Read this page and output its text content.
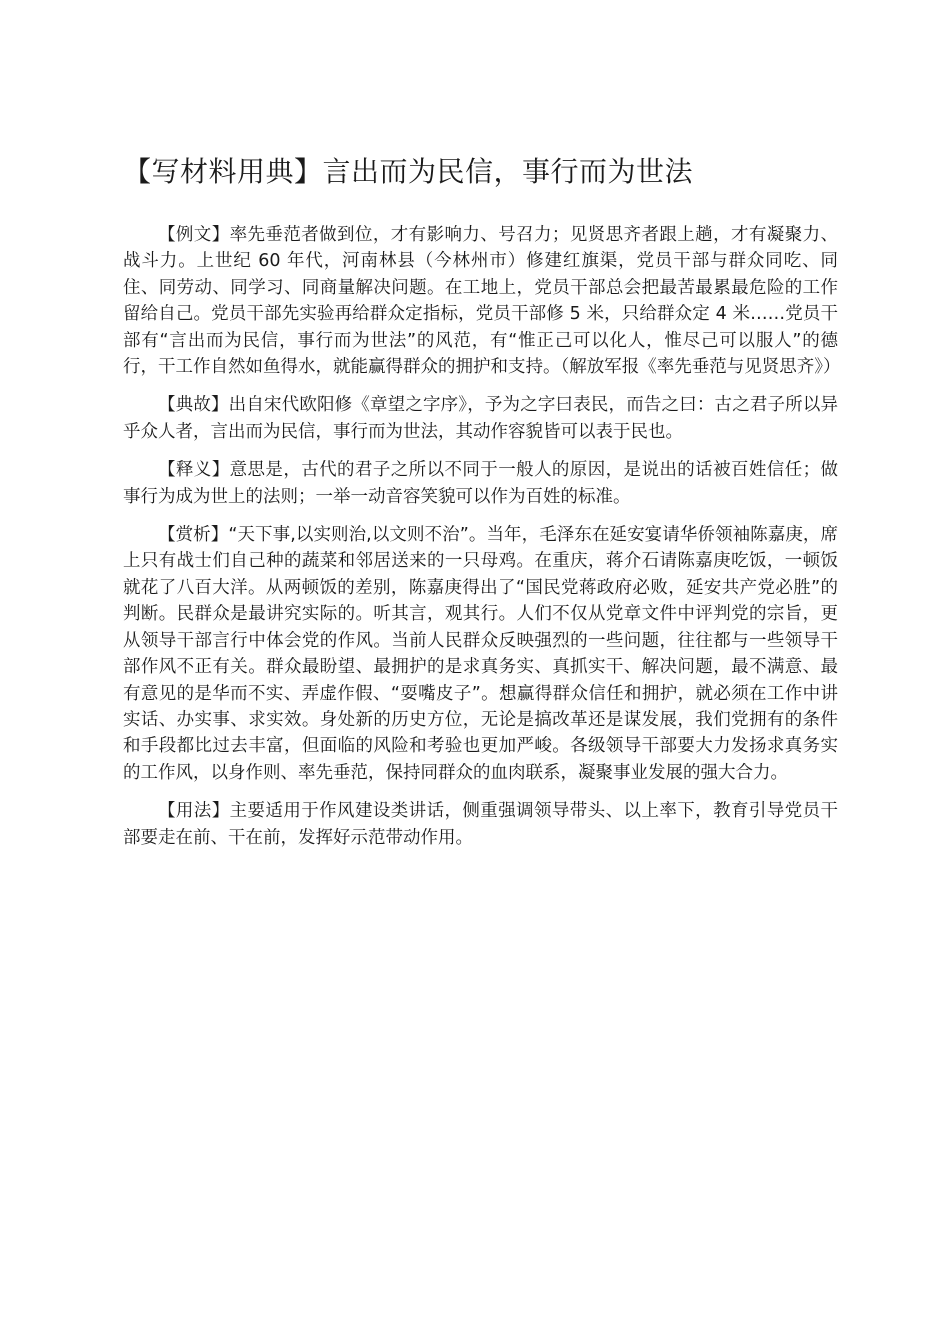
【写材料用典】言出而为民信，事行而为世法

【例文】率先垂范者做到位，才有影响力、号召力；见贤思齐者跟上趟，才有凝聚力、战斗力。上世纪 60 年代，河南林县（今林州市）修建红旗渠，党员干部与群众同吃、同住、同劳动、同学习、同商量解决问题。在工地上，党员干部总会把最苦最累最危险的工作留给自己。党员干部先实验再给群众定指标，党员干部修 5 米，只给群众定 4 米……党员干部有“言出而为民信，事行而为世法”的风范，有“惟正己可以化人，惟尽己可以服人”的德行，干工作自然如鱼得水，就能赢得群众的拥护和支持。（解放军报《率先垂范与见贤思齐》）

【典故】出自宋代欧阳修《章望之字序》，予为之字曰表民，而告之曰：古之君子所以异乎众人者，言出而为民信，事行而为世法，其动作容貌皆可以表于民也。

【释义】意思是，古代的君子之所以不同于一般人的原因，是说出的话被百姓信任；做事行为成为世上的法则；一举一动音容笑貌可以作为百姓的标准。

【赏析】“天下事,以实则治,以文则不治”。当年，毛泽东在延安宴请华侨领袖陈嘉庚，席上只有战士们自己种的蔬菜和邻居送来的一只母鸡。在重庆，蒋介石请陈嘉庚吃饭，一顿饭就花了八百大洋。从两顿饭的差别，陈嘉庚得出了“国民党蒋政府必败，延安共产党必胜”的判断。民群众是最讲究实际的。听其言，观其行。人们不仅从党章文件中评判党的宗旨，更从领导干部言行中体会党的作风。当前人民群众反映强烈的一些问题，往往都与一些领导干部作风不正有关。群众最盼望、最拥护的是求真务实、真抓实干、解决问题，最不满意、最有意见的是华而不实、弄虚作假、“耍嘴皮子”。想赢得群众信任和拥护，就必须在工作中讲实话、办实事、求实效。身处新的历史方位，无论是搞改革还是谋发展，我们党拥有的条件和手段都比过去丰富，但面临的风险和考验也更加严峻。各级领导干部要大力发扬求真务实的工作风，以身作则、率先垂范，保持同群众的血肉联系，凝聚事业发展的强大合力。

【用法】主要适用于作风建设类讲话，侧重强调领导带头、以上率下，教育引导党员干部要走在前、干在前，发挥好示范带动作用。
